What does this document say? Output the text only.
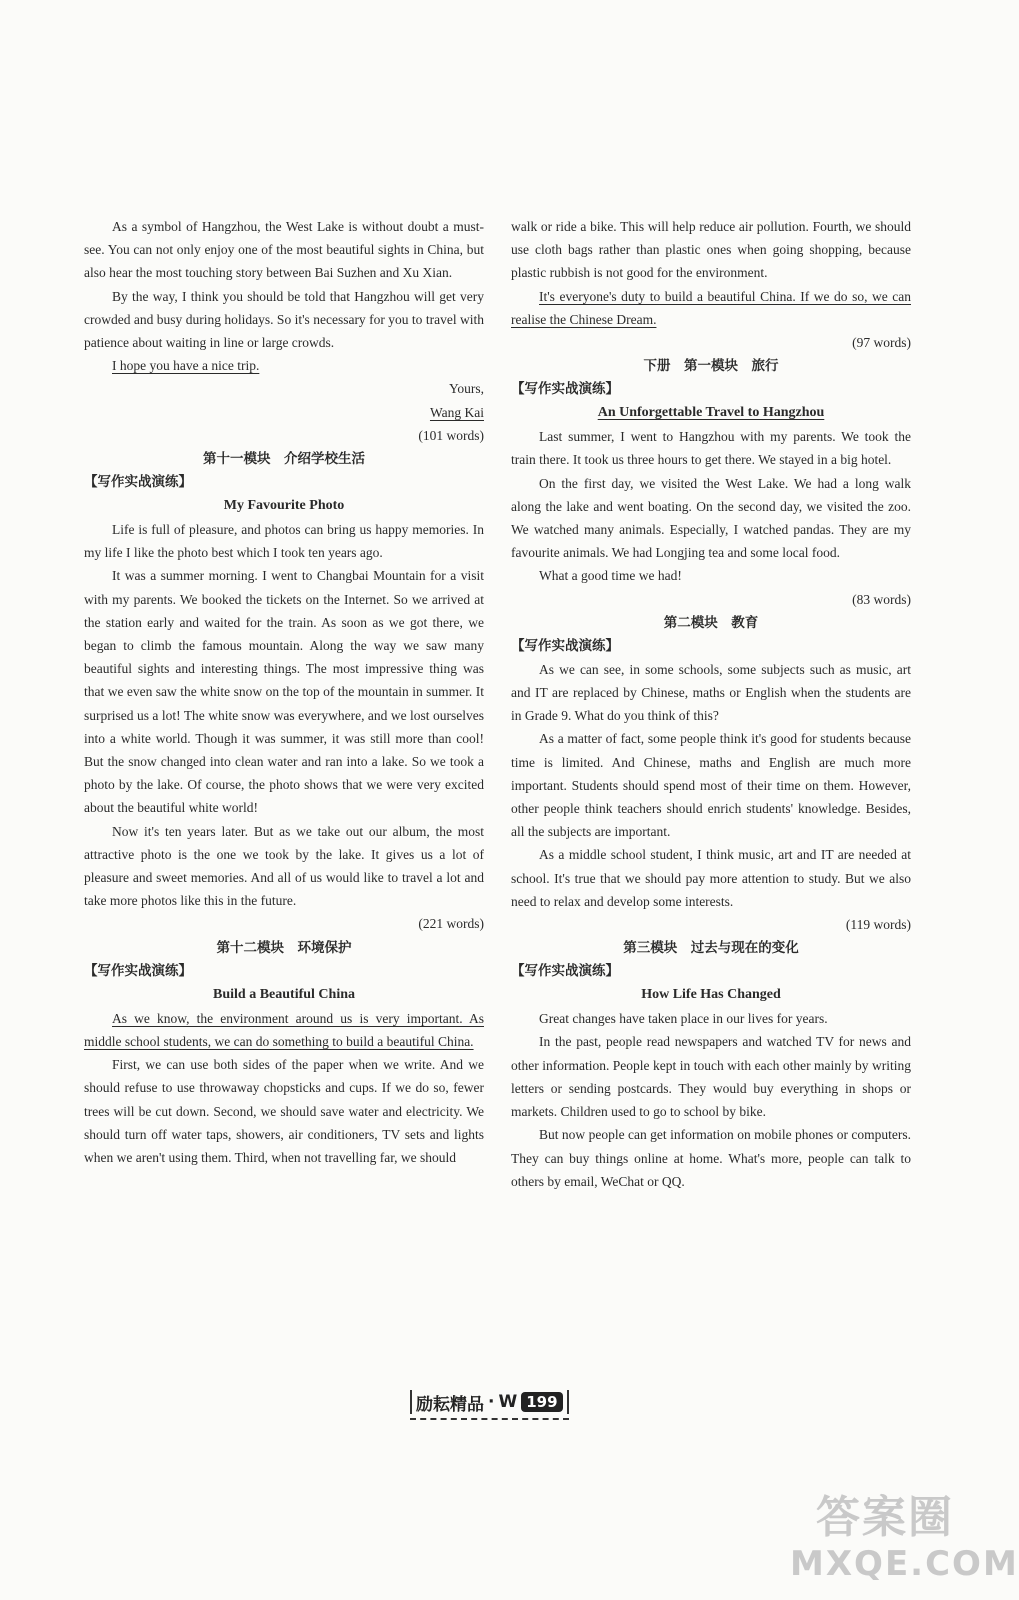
As a symbol of Hangzhou, the West Lake is without doubt a must-see. You can not only enjoy one of the most beautiful sights in China, but also hear the most touching story between Bai Suzhen and Xu Xian.

By the way, I think you should be told that Hangzhou will get very crowded and busy during holidays. So it's necessary for you to travel with patience about waiting in line or large crowds.

I hope you have a nice trip.

Yours,

Wang Kai

(101 words)

第十一模块　介绍学校生活

【写作实战演练】

My Favourite Photo

Life is full of pleasure, and photos can bring us happy memories. In my life I like the photo best which I took ten years ago.

It was a summer morning. I went to Changbai Mountain for a visit with my parents. We booked the tickets on the Internet. So we arrived at the station early and waited for the train. As soon as we got there, we began to climb the famous mountain. Along the way we saw many beautiful sights and interesting things. The most impressive thing was that we even saw the white snow on the top of the mountain in summer. It surprised us a lot! The white snow was everywhere, and we lost ourselves into a white world. Though it was summer, it was still more than cool! But the snow changed into clean water and ran into a lake. So we took a photo by the lake. Of course, the photo shows that we were very excited about the beautiful white world!

Now it's ten years later. But as we take out our album, the most attractive photo is the one we took by the lake. It gives us a lot of pleasure and sweet memories. And all of us would like to travel a lot and take more photos like this in the future.

(221 words)

第十二模块　环境保护

【写作实战演练】

Build a Beautiful China

As we know, the environment around us is very important. As middle school students, we can do something to build a beautiful China.

First, we can use both sides of the paper when we write. And we should refuse to use throwaway chopsticks and cups. If we do so, fewer trees will be cut down. Second, we should save water and electricity. We should turn off water taps, showers, air conditioners, TV sets and lights when we aren't using them. Third, when not travelling far, we should

walk or ride a bike. This will help reduce air pollution. Fourth, we should use cloth bags rather than plastic ones when going shopping, because plastic rubbish is not good for the environment.

It's everyone's duty to build a beautiful China. If we do so, we can realise the Chinese Dream.

(97 words)

下册　第一模块　旅行

【写作实战演练】

An Unforgettable Travel to Hangzhou

Last summer, I went to Hangzhou with my parents. We took the train there. It took us three hours to get there. We stayed in a big hotel.

On the first day, we visited the West Lake. We had a long walk along the lake and went boating. On the second day, we visited the zoo. We watched many animals. Especially, I watched pandas. They are my favourite animals. We had Longjing tea and some local food.

What a good time we had!

(83 words)

第二模块　教育

【写作实战演练】

As we can see, in some schools, some subjects such as music, art and IT are replaced by Chinese, maths or English when the students are in Grade 9. What do you think of this?

As a matter of fact, some people think it's good for students because time is limited. And Chinese, maths and English are much more important. Students should spend most of their time on them. However, other people think teachers should enrich students' knowledge. Besides, all the subjects are important.

As a middle school student, I think music, art and IT are needed at school. It's true that we should pay more attention to study. But we also need to relax and develop some interests.

(119 words)

第三模块　过去与现在的变化

【写作实战演练】

How Life Has Changed

Great changes have taken place in our lives for years.

In the past, people read newspapers and watched TV for news and other information. People kept in touch with each other mainly by writing letters or sending postcards. They would buy everything in shops or markets. Children used to go to school by bike.

But now people can get information on mobile phones or computers. They can buy things online at home. What's more, people can talk to others by email, WeChat or QQ.

励耘精品 · W 199
答案圈
MXQE.COM
